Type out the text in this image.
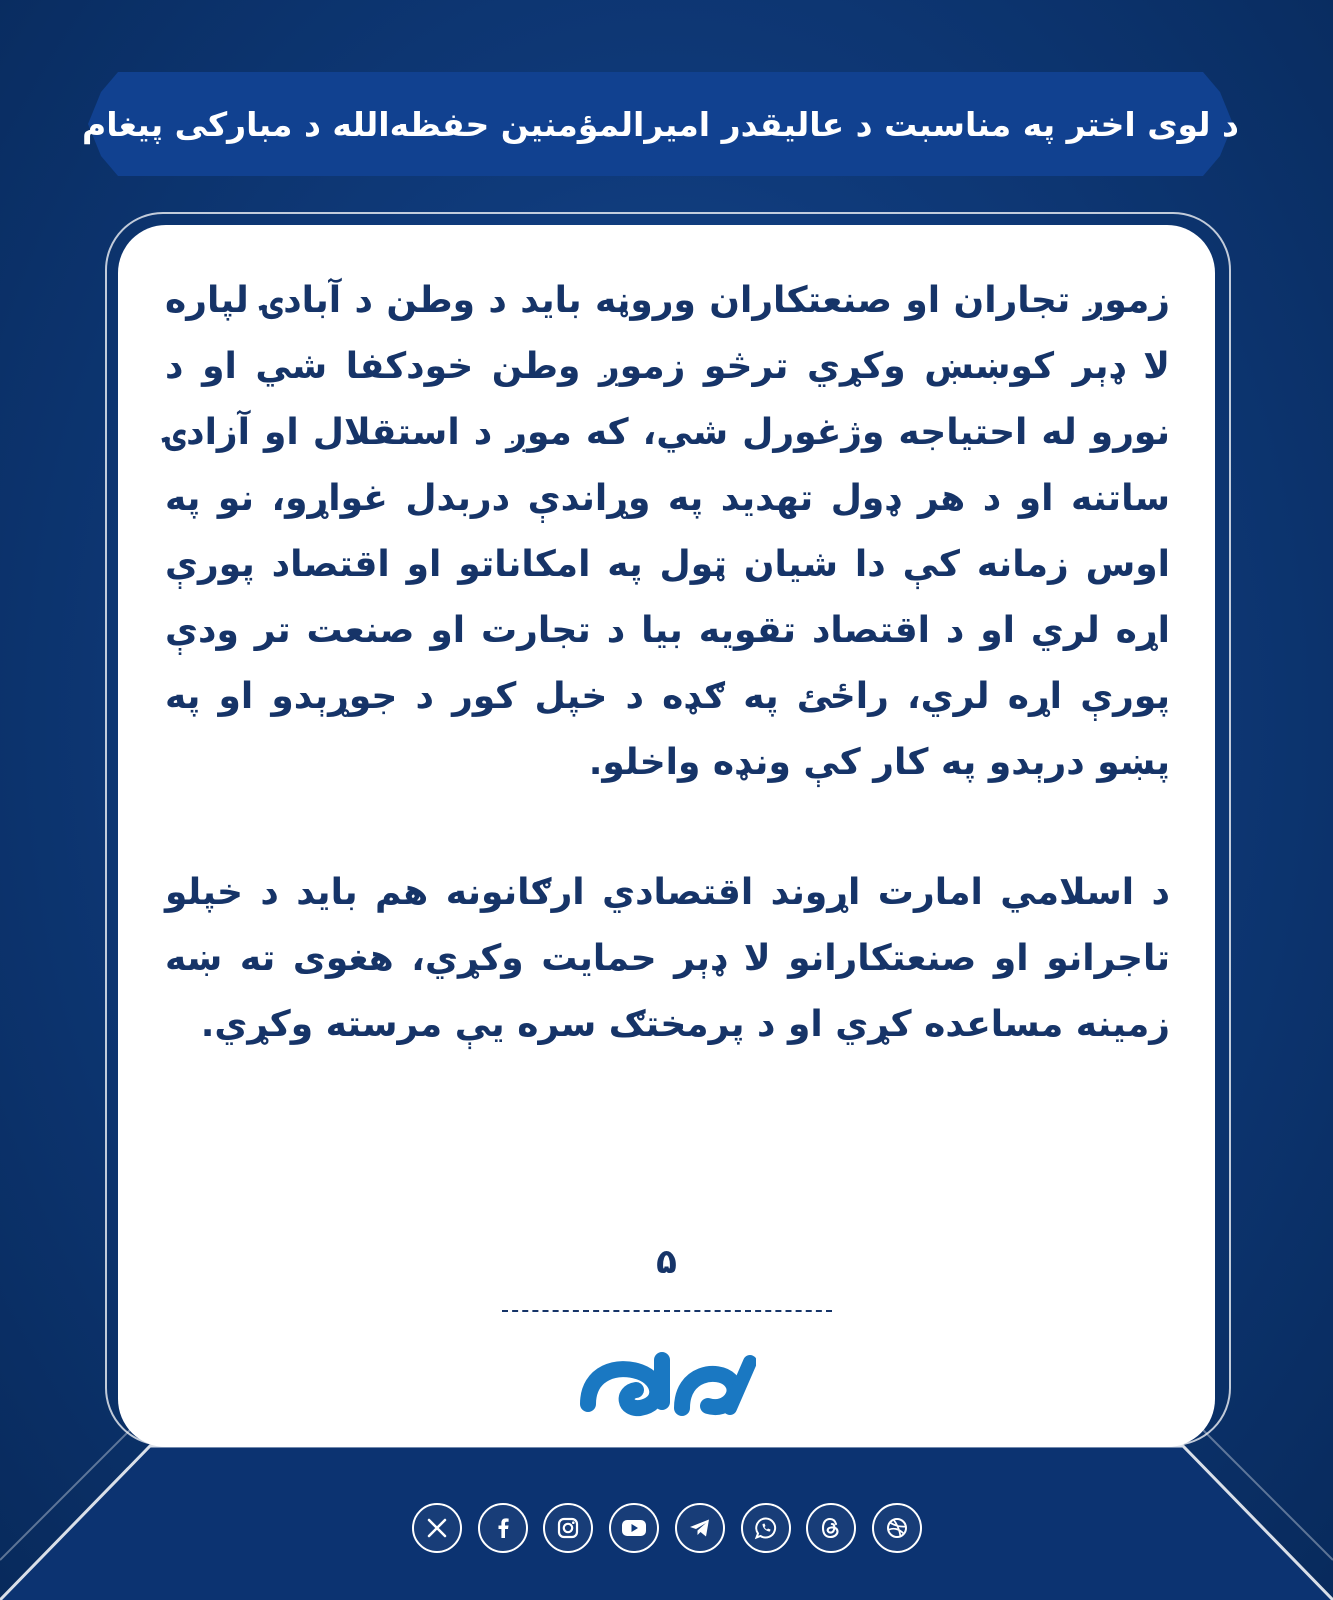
د لوی اختر په مناسبت د عالیقدر امیرالمؤمنین حفظه‌الله د مبارکی پیغام

زموږ تجاران او صنعتکاران وروڼه باید د وطن د آبادۍ لپاره لا ډېر کوښښ وکړي ترڅو زموږ وطن خودکفا شي او د نورو له احتیاجه وژغورل شي، که موږ د استقلال او آزادۍ ساتنه او د هر ډول تهدید په وړاندې دربدل غواړو، نو په اوس زمانه کې دا شیان ټول په امکاناتو او اقتصاد پورې اړه لري او د اقتصاد تقویه بیا د تجارت او صنعت تر ودې پورې اړه لري، راځئ په ګډه د خپل کور د جوړېدو او په پښو درېدو په کار کې ونډه واخلو.

د اسلامي امارت اړوند اقتصادي ارګانونه هم باید د خپلو تاجرانو او صنعتکارانو لا ډېر حمایت وکړي، هغوی ته ښه زمینه مساعده کړي او د پرمختګ سره یې مرسته وکړي.

۵
